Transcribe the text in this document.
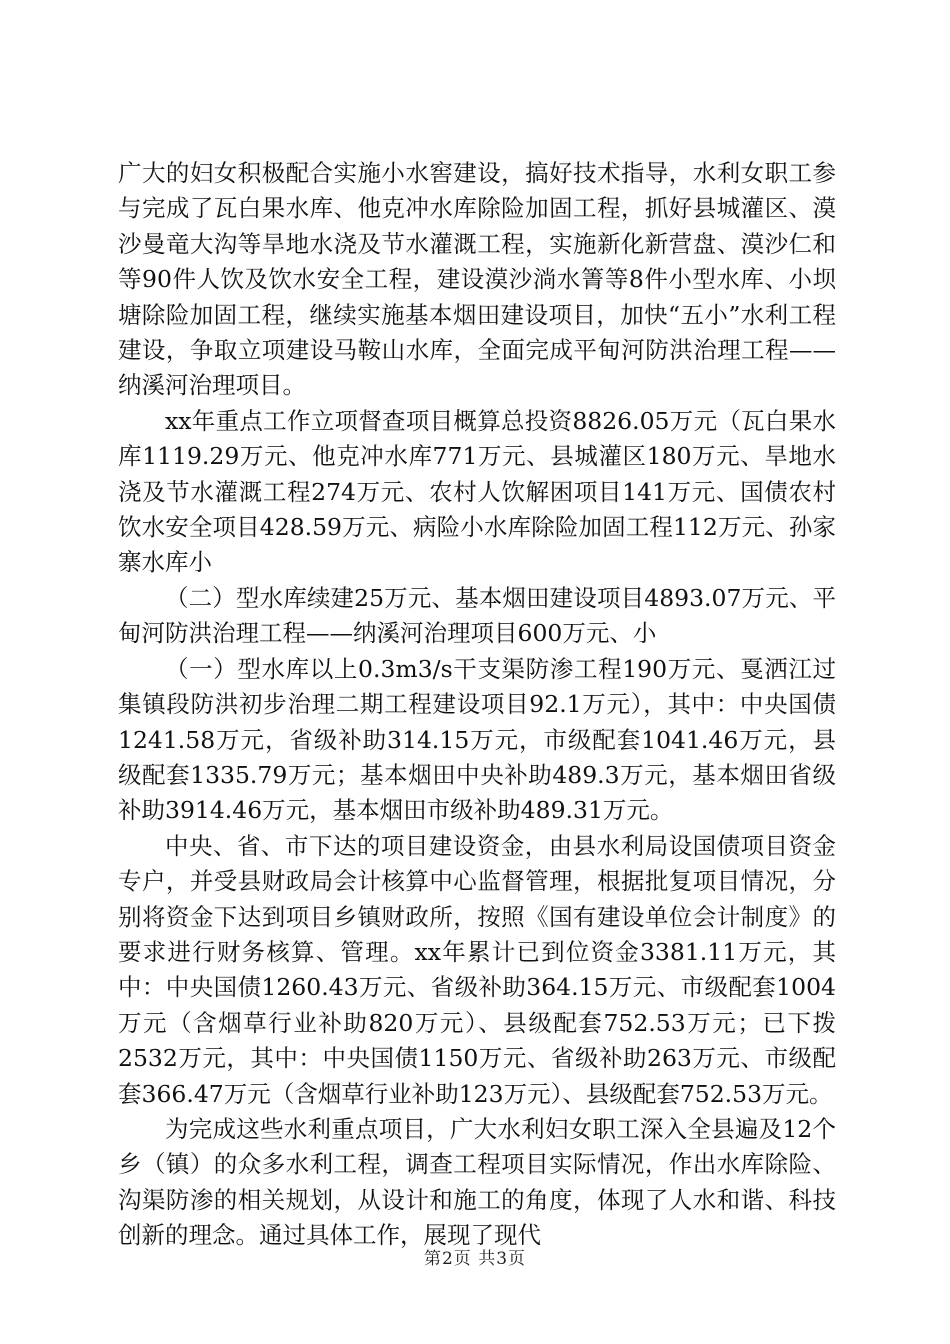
广大的妇女积极配合实施小水窖建设，搞好技术指导，水利女职工参与完成了瓦白果水库、他克冲水库除险加固工程，抓好县城灌区、漠沙曼竜大沟等旱地水浇及节水灌溉工程，实施新化新营盘、漠沙仁和等90件人饮及饮水安全工程，建设漠沙淌水箐等8件小型水库、小坝塘除险加固工程，继续实施基本烟田建设项目，加快“五小”水利工程建设，争取立项建设马鞍山水库，全面完成平甸河防洪治理工程——纳溪河治理项目。

xx年重点工作立项督查项目概算总投资8826.05万元（瓦白果水库1119.29万元、他克冲水库771万元、县城灌区180万元、旱地水浇及节水灌溉工程274万元、农村人饮解困项目141万元、国债农村饮水安全项目428.59万元、病险小水库除险加固工程112万元、孙家寨水库小

（二）型水库续建25万元、基本烟田建设项目4893.07万元、平甸河防洪治理工程——纳溪河治理项目600万元、小

（一）型水库以上0.3m3/s干支渠防渗工程190万元、戛洒江过集镇段防洪初步治理二期工程建设项目92.1万元），其中：中央国债1241.58万元，省级补助314.15万元，市级配套1041.46万元，县级配套1335.79万元；基本烟田中央补助489.3万元，基本烟田省级补助3914.46万元，基本烟田市级补助489.31万元。

中央、省、市下达的项目建设资金，由县水利局设国债项目资金专户，并受县财政局会计核算中心监督管理，根据批复项目情况，分别将资金下达到项目乡镇财政所，按照《国有建设单位会计制度》的要求进行财务核算、管理。xx年累计已到位资金3381.11万元，其中：中央国债1260.43万元、省级补助364.15万元、市级配套1004万元（含烟草行业补助820万元）、县级配套752.53万元；已下拨2532万元，其中：中央国债1150万元、省级补助263万元、市级配套366.47万元（含烟草行业补助123万元）、县级配套752.53万元。

为完成这些水利重点项目，广大水利妇女职工深入全县遍及12个乡（镇）的众多水利工程，调查工程项目实际情况，作出水库除险、沟渠防渗的相关规划，从设计和施工的角度，体现了人水和谐、科技创新的理念。通过具体工作，展现了现代

第2页 共3页
